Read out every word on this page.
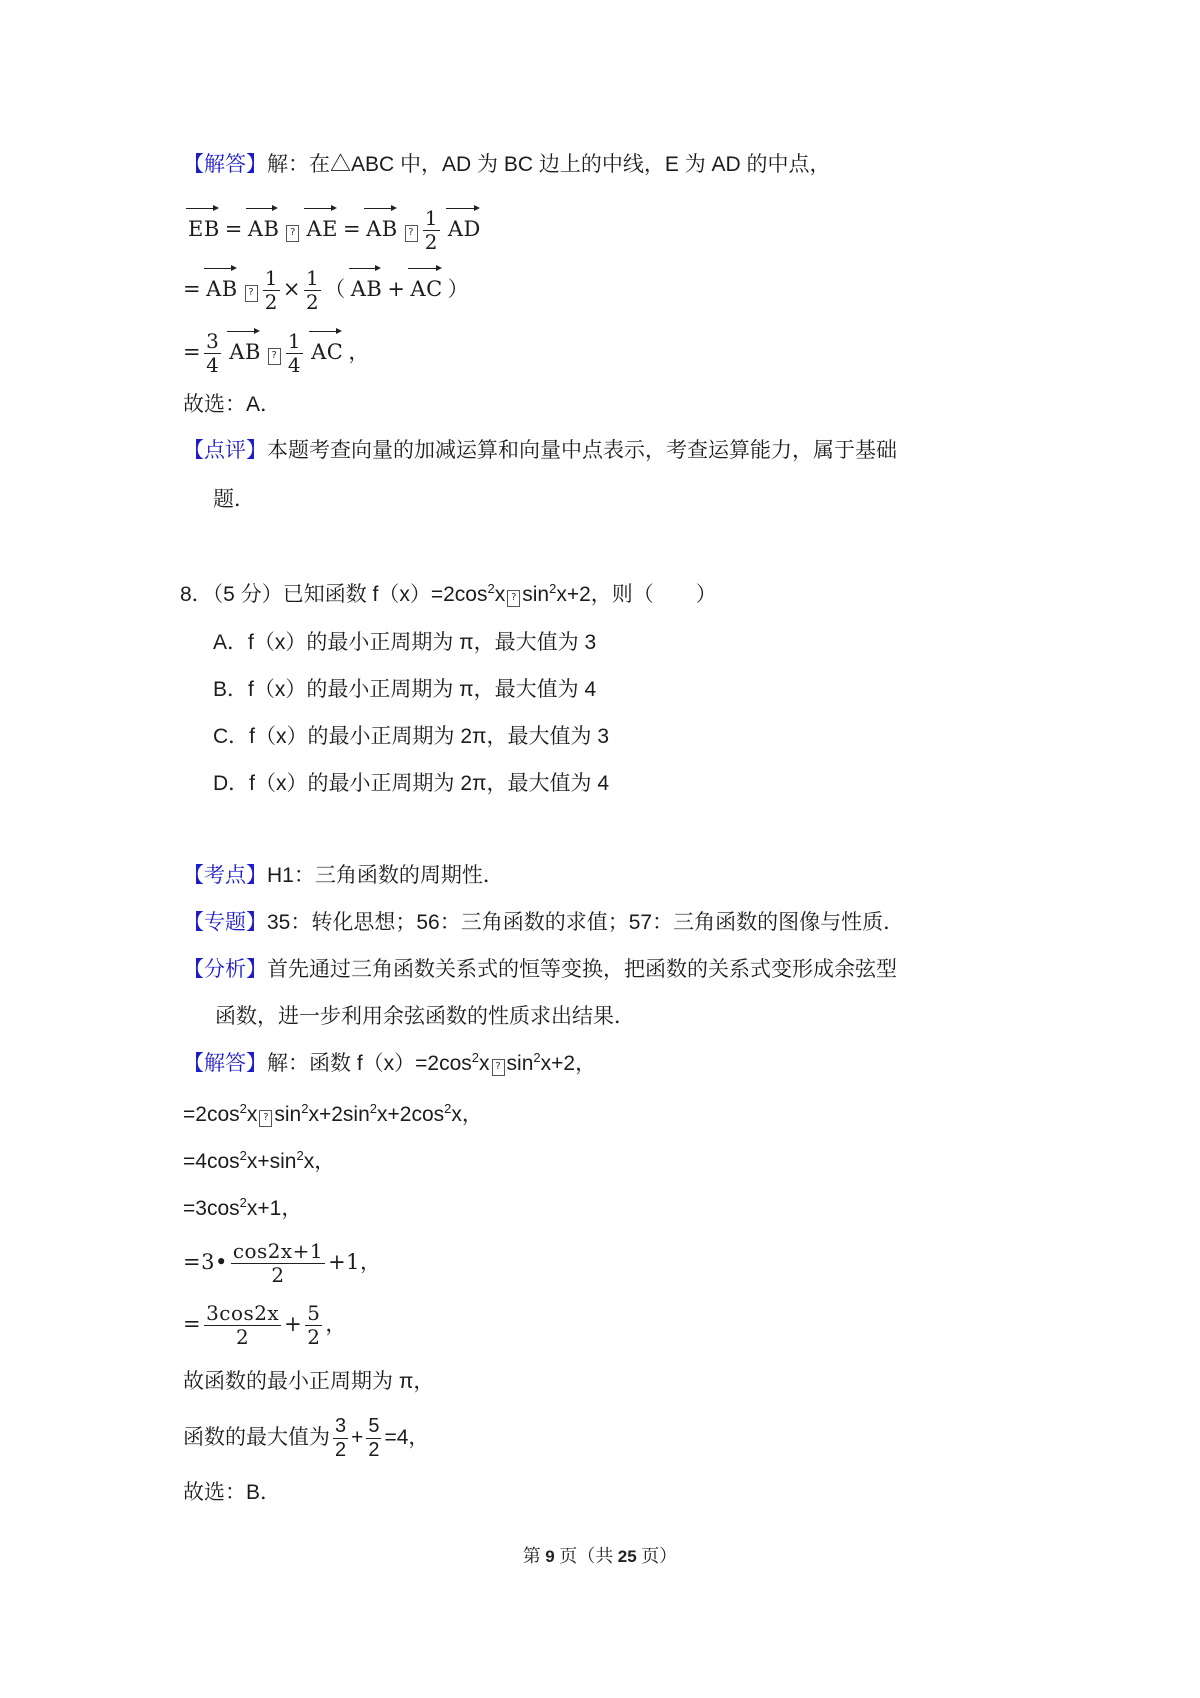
【解答】解：在△ABC 中，AD 为 BC 边上的中线，E 为 AD 的中点，
EB = AB ? AE = AB ? $\frac{1}{2}$ AD
= AB ? $\frac{1}{2} \times \frac{1}{2}$ （ AB + AC ）
= $\frac{3}{4}$ AB ? $\frac{1}{4}$ AC ，
故选：A．
【点评】本题考查向量的加减运算和向量中点表示，考查运算能力，属于基础
题．
8．（5 分）已知函数 $f(x)=2\cos^2x$ ? $\sin^2x+2$，则（　　）
A．f（x）的最小正周期为 π，最大值为 3
B．f（x）的最小正周期为 π，最大值为 4
C．f（x）的最小正周期为 2π，最大值为 3
D．f（x）的最小正周期为 2π，最大值为 4
【考点】H1：三角函数的周期性．
【专题】35：转化思想；56：三角函数的求值；57：三角函数的图像与性质．
【分析】首先通过三角函数关系式的恒等变换，把函数的关系式变形成余弦型
函数，进一步利用余弦函数的性质求出结果．
【解答】解：函数 $f(x)=2\cos^2x$ ? $\sin^2x+2$，
$=2\cos^2x$ ? $\sin^2x+2\sin^2x+2\cos^2x$，
$=4\cos^2x+\sin^2x$，
$=3\cos^2x+1$，
=3• $\frac{\cos 2x+1}{2} +1$，
= $\frac{3\cos 2x}{2} + \frac{5}{2}$ ，
故函数的最小正周期为 π，
函数的最大值为 $\frac{3}{2} + \frac{5}{2} =4$，
故选：B．
第 9 页（共 25 页）
